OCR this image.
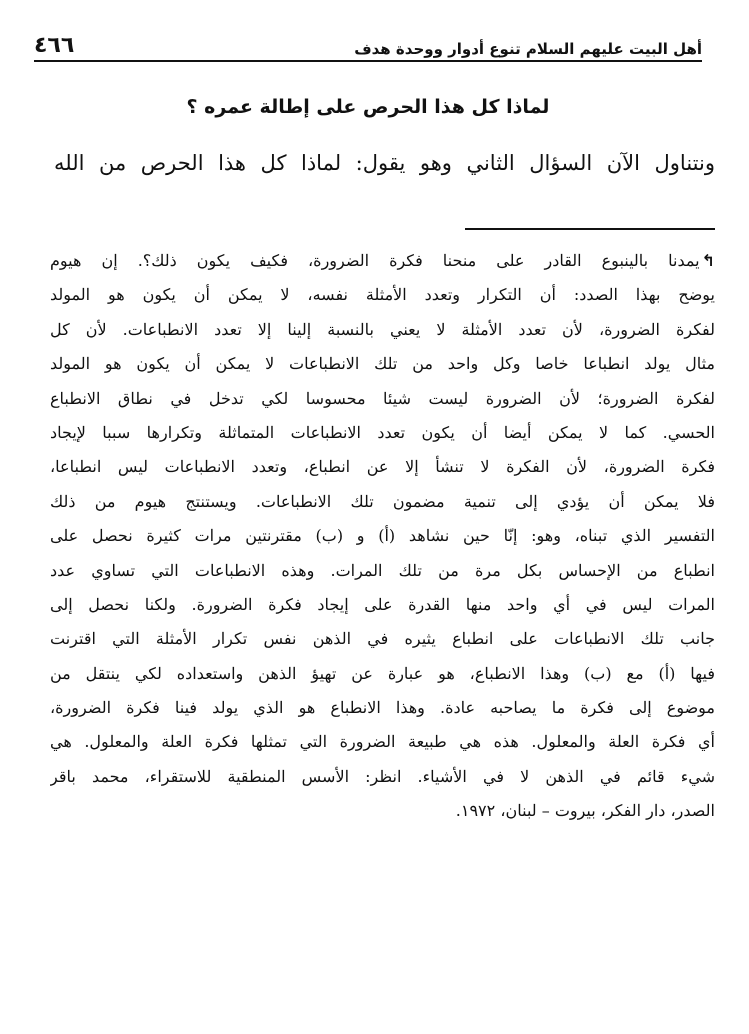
أهل البيت عليهم السلام تنوع أدوار ووحدة هدف
٤٦٦
لماذا كل هذا الحرص على إطالة عمره ؟
ونتناول الآن السؤال الثاني وهو يقول: لماذا كل هذا الحرص من الله
↰يمدنا بالينبوع القادر على منحنا فكرة الضرورة، فكيف يكون ذلك؟. إن هيوم
يوضح بهذا الصدد: أن التكرار وتعدد الأمثلة نفسه، لا يمكن أن يكون هو المولد
لفكرة الضرورة، لأن تعدد الأمثلة لا يعني بالنسبة إلينا إلا تعدد الانطباعات. لأن كل
مثال يولد انطباعا خاصا وكل واحد من تلك الانطباعات لا يمكن أن يكون هو المولد
لفكرة الضرورة؛ لأن الضرورة ليست شيئا محسوسا لكي تدخل في نطاق الانطباع
الحسي. كما لا يمكن أيضا أن يكون تعدد الانطباعات المتماثلة وتكرارها سببا لإيجاد
فكرة الضرورة، لأن الفكرة لا تنشأ إلا عن انطباع، وتعدد الانطباعات ليس انطباعا،
فلا يمكن أن يؤدي إلى تنمية مضمون تلك الانطباعات. ويستنتج هيوم من ذلك
التفسير الذي تبناه، وهو: إنّا حين نشاهد (أ) و (ب) مقترنتين مرات كثيرة نحصل على
انطباع من الإحساس بكل مرة من تلك المرات. وهذه الانطباعات التي تساوي عدد
المرات ليس في أي واحد منها القدرة على إيجاد فكرة الضرورة. ولكنا نحصل إلى
جانب تلك الانطباعات على انطباع يثيره في الذهن نفس تكرار الأمثلة التي اقترنت
فيها (أ) مع (ب) وهذا الانطباع، هو عبارة عن تهيؤ الذهن واستعداده لكي ينتقل من
موضوع إلى فكرة ما يصاحبه عادة. وهذا الانطباع هو الذي يولد فينا فكرة الضرورة،
أي فكرة العلة والمعلول. هذه هي طبيعة الضرورة التي تمثلها فكرة العلة والمعلول. هي
شيء قائم في الذهن لا في الأشياء. انظر: الأسس المنطقية للاستقراء، محمد باقر
الصدر، دار الفكر، بيروت – لبنان، ١٩٧٢.
